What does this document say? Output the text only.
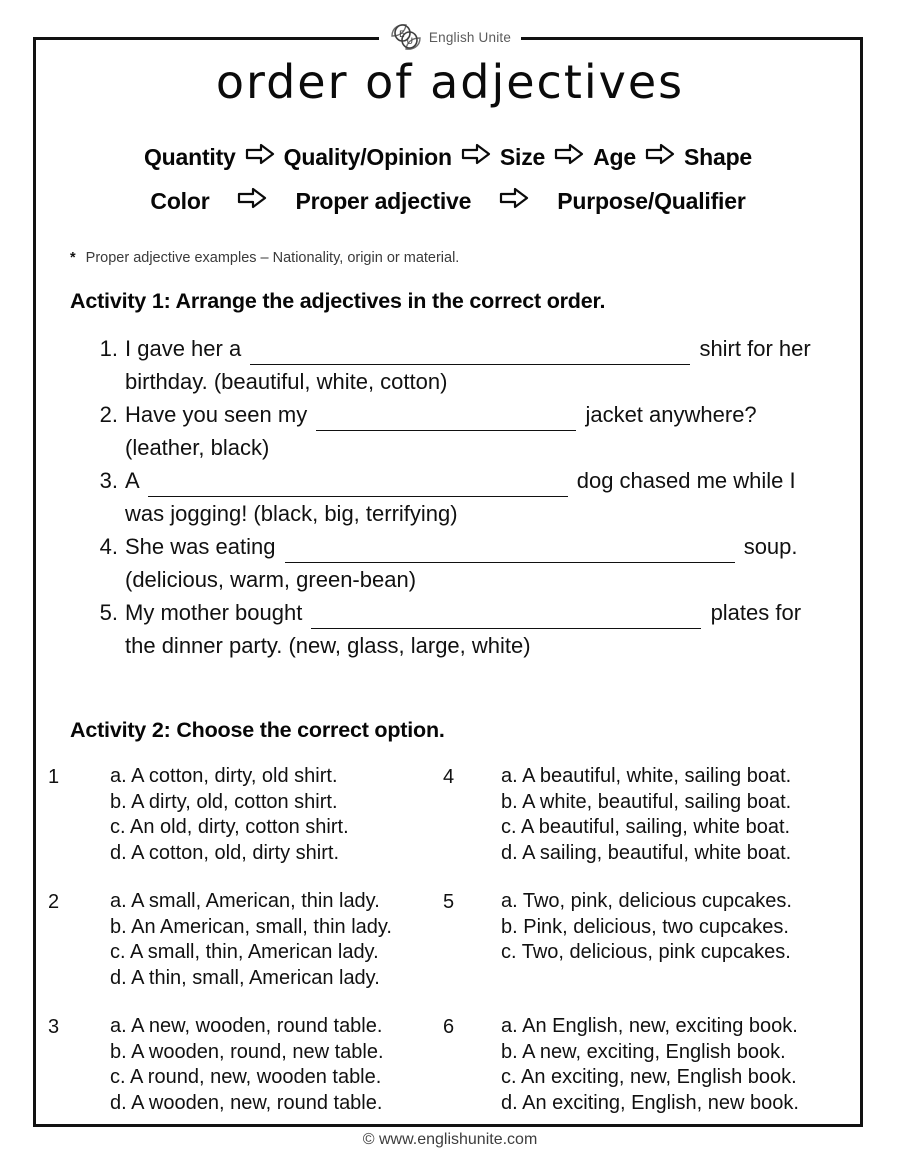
E
U English Unite
order of adjectives
Quantity Quality/Opinion Size Age Shape
Color	Proper adjective	Purpose/Qualifier
* Proper adjective examples – Nationality, origin or material.
Activity 1: Arrange the adjectives in the correct order.
1. I gave her a	shirt for her birthday. (beautiful, white, cotton)
2. Have you seen my	jacket anywhere?
(leather, black)
3. A	dog chased me while I was jogging! (black, big, terrifying)
4. She was eating	soup. (delicious, warm, green-bean)
5. My mother bought	plates for the dinner party. (new, glass, large, white)
Activity 2: Choose the correct option.
1	a. A cotton, dirty, old shirt.
b. A dirty, old, cotton shirt.
c. An old, dirty, cotton shirt.
d. A cotton, old, dirty shirt.
4	a. A beautiful, white, sailing boat.
b. A white, beautiful, sailing boat.
c. A beautiful, sailing, white boat.
d. A sailing, beautiful, white boat.
2	a. A small, American, thin lady.
b. An American, small, thin lady.
c. A small, thin, American lady.
d. A thin, small, American lady.
5	a. Two, pink, delicious cupcakes.
b. Pink, delicious, two cupcakes.
c. Two, delicious, pink cupcakes.
3	a. A new, wooden, round table.
b. A wooden, round, new table.
c. A round, new, wooden table.
d. A wooden, new, round table.
6	a. An English, new, exciting book.
b. A new, exciting, English book.
c. An exciting, new, English book.
d. An exciting, English, new book.
© www.englishunite.com
